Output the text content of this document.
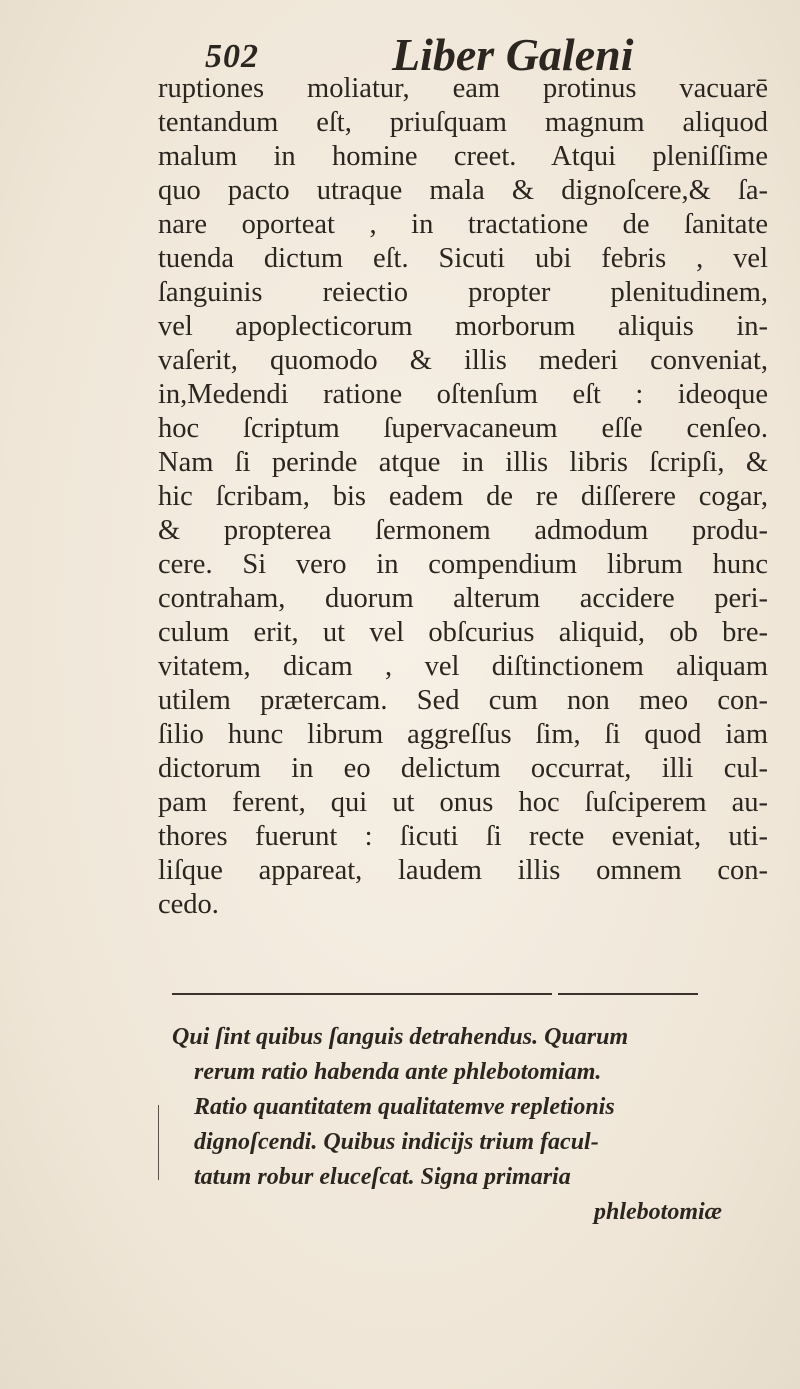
502	Liber Galeni
ruptiones moliatur, eam protinus vacuarē
tentandum eſt, priuſquam magnum aliquod
malum in homine creet. Atqui pleniſſime
quo pacto utraque mala & dignoſcere,& ſa-
nare oporteat , in tractatione de ſanitate
tuenda dictum eſt. Sicuti ubi febris , vel
ſanguinis reiectio propter plenitudinem,
vel apoplecticorum morborum aliquis in-
vaſerit, quomodo & illis mederi conveniat,
in,Medendi ratione oſtenſum eſt : ideoque
hoc ſcriptum ſupervacaneum eſſe cenſeo.
Nam ſi perinde atque in illis libris ſcripſi, &
hic ſcribam, bis eadem de re diſſerere cogar,
& propterea ſermonem admodum produ-
cere. Si vero in compendium librum hunc
contraham, duorum alterum accidere peri-
culum erit, ut vel obſcurius aliquid, ob bre-
vitatem, dicam , vel diſtinctionem aliquam
utilem prætercam. Sed cum non meo con-
ſilio hunc librum aggreſſus ſim, ſi quod iam
dictorum in eo delictum occurrat, illi cul-
pam ferent, qui ut onus hoc ſuſciperem au-
thores fuerunt : ſicuti ſi recte eveniat, uti-
liſque appareat, laudem illis omnem con-
cedo.
Qui ſint quibus ſanguis detrahendus. Quarum
rerum ratio habenda ante phlebotomiam.
Ratio quantitatem qualitatemve repletionis
dignoſcendi. Quibus indicijs trium facul-
tatum robur eluceſcat. Signa primaria
phlebotomiæ
